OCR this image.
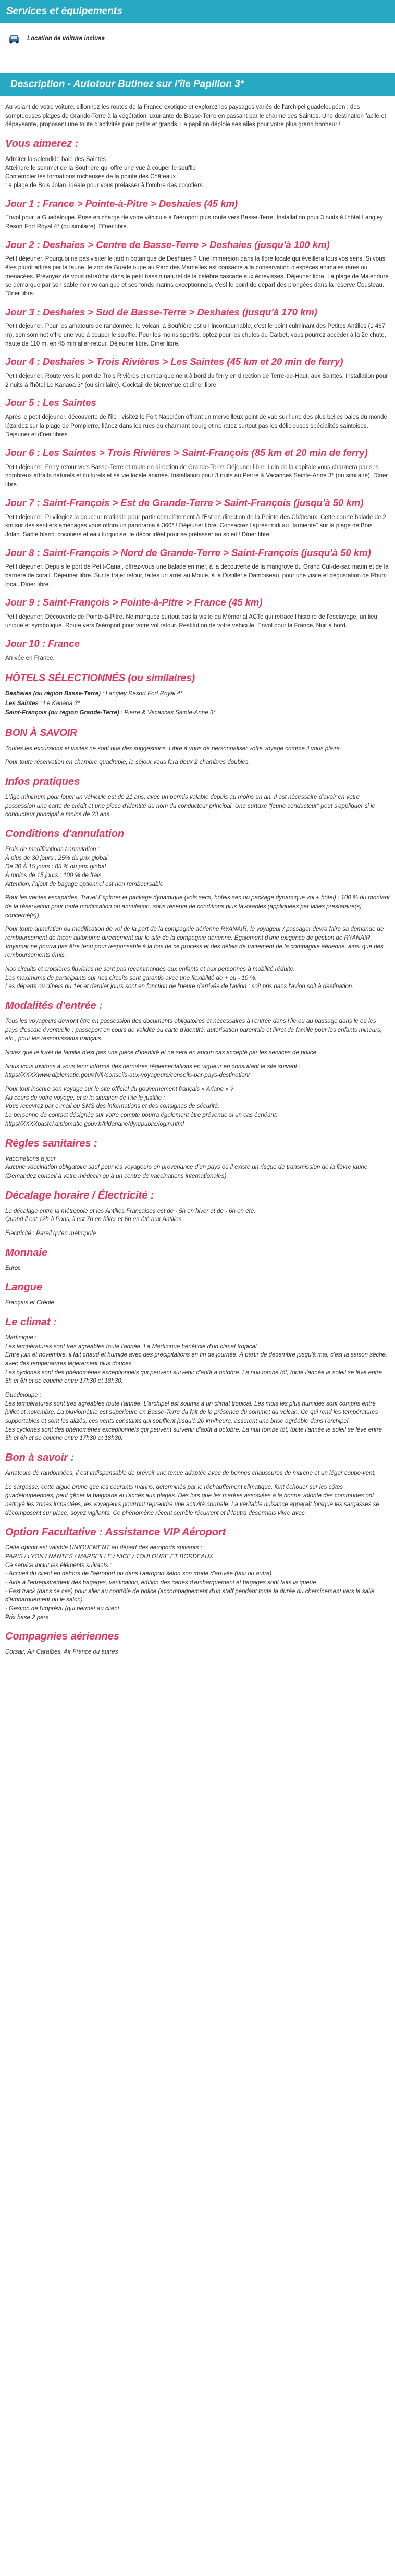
Services et équipements
Location de voiture incluse
Description - Autotour Butinez sur l'île Papillon 3*

Au volant de votre voiture, sillonnez les routes de la France exotique et explorez les paysages variés de l'archipel guadeloupéen : des somptueuses plages de Grande-Terre à la végétation luxuriante de Basse-Terre en passant par le charme des Saintes. Une destination facile et dépaysante, proposant une toute d'activités pour petits et grands. Le papillon déploie ses ailes pour votre plus grand bonheur !

Vous aimerez :
Admirer la splendide baie des Saintes
Atteindre le sommet de la Soufrière qui offre une vue à couper le souffle
Contempler les formations rocheuses de la pointe des Châteaux
La plage de Bois Jolan, idéale pour vous prélasser à l'ombre des cocotiers
Jour 1 : France > Pointe-à-Pitre > Deshaies (45 km)

Envol pour la Guadeloupe. Prise en charge de votre véhicule à l'aéroport puis route vers Basse-Terre. Installation pour 3 nuits à l'hôtel Langley Resort Fort Royal 4* (ou similaire). Dîner libre.

Jour 2 : Deshaies > Centre de Basse-Terre > Deshaies (jusqu'à 100 km)

Petit déjeuner. Pourquoi ne pas visiter le jardin botanique de Deshaies ? Une immersion dans la flore locale qui éveillera tous vos sens. Si vous êtes plutôt attirés par la faune, le zoo de Guadeloupe au Parc des Mamelles est consacré à la conservation d'espèces animales rares ou menacées. Prévoyez de vous rafraîchir dans le petit bassin naturel de la célèbre cascade aux écrevisses. Déjeuner libre. La plage de Malendure se démarque par son sable noir volcanique et ses fonds marins exceptionnels, c'est le point de départ des plongées dans la réserve Cousteau. Dîner libre.

Jour 3 : Deshaies > Sud de Basse-Terre > Deshaies (jusqu'à 170 km)

Petit déjeuner. Pour les amateurs de randonnée, le volcan la Soufrière est un incontournable, c'est le point culminant des Petites Antilles (1 467 m), son sommet offre une vue à couper le souffle. Pour les moins sportifs, optez pour les chutes du Carbet, vous pourrez accéder à la 2e chute, haute de 110 m, en 45 min aller-retour. Déjeuner libre. Dîner libre.

Jour 4 : Deshaies > Trois Rivières > Les Saintes (45 km et 20 min de ferry)

Petit déjeuner. Route vers le port de Trois Rivières et embarquement à bord du ferry en direction de Terre-de-Haut, aux Saintes. Installation pour 2 nuits à l'hôtel Le Kanaoa 3* (ou similaire). Cocktail de bienvenue et dîner libre.

Jour 5 : Les Saintes

Après le petit déjeuner, découverte de l'île : visitez le Fort Napoléon offrant un merveilleux point de vue sur l'une des plus belles baies du monde, lézardez sur la plage de Pompierre, flânez dans les rues du charmant bourg et ne ratez surtout pas les délicieuses spécialités saintoises. Déjeuner et dîner libres.

Jour 6 : Les Saintes > Trois Rivières > Saint-François (85 km et 20 min de ferry)

Petit déjeuner. Ferry retour vers Basse-Terre et route en direction de Grande-Terre. Déjeuner libre. Loin de la capitale vous charmera par ses nombreux attraits naturels et culturels et sa vie locale animée. Installation pour 3 nuits au Pierre & Vacances Sainte-Anne 3* (ou similaire). Dîner libre.

Jour 7 : Saint-François > Est de Grande-Terre > Saint-François (jusqu'à 50 km)

Petit déjeuner. Privilégiez la douceur matinale pour partir complètement à l'Est en direction de la Pointe des Châteaux. Cette courte balade de 2 km sur des sentiers aménagés vous offrira un panorama à 360° ! Déjeuner libre. Consacrez l'après-midi au "farniente" sur la plage de Bois Jolan. Sable blanc, cocotiers et eau turquoise, le décor idéal pour se prélasser au soleil ! Dîner libre.

Jour 8 : Saint-François > Nord de Grande-Terre > Saint-François (jusqu'à 50 km)

Petit déjeuner. Depuis le port de Petit-Canal, offrez-vous une balade en mer, à la découverte de la mangrove du Grand Cul-de-sac marin et de la barrière de corail. Déjeuner libre. Sur le trajet retour, faites un arrêt au Moule, à la Distillerie Damoiseau, pour une visite et dégustation de Rhum local. Dîner libre.

Jour 9 : Saint-François > Pointe-à-Pitre > France (45 km)

Petit déjeuner. Découverte de Pointe-à-Pitre. Ne manquez surtout pas la visite du Mémorial ACTe qui retrace l'histoire de l'esclavage, un lieu unique et symbolique. Route vers l'aéroport pour votre vol retour. Restitution de votre véhicule. Envol pour la France. Nuit à bord.

Jour 10 : France

Arrivée en France.

HÔTELS SÉLECTIONNÉS (ou similaires)
Deshaies (ou région Basse-Terre) : Langley Resort Fort Royal 4*
Les Saintes : Le Kanaoa 3*
Saint-François (ou région Grande-Terre) : Pierre & Vacances Sainte-Anne 3*
BON À SAVOIR

Toutes les excursions et visites ne sont que des suggestions. Libre à vous de personnaliser votre voyage comme il vous plaira.

Pour toute réservation en chambre quadruple, le séjour vous fera deux 2 chambres doubles.

Infos pratiques

L'âge minimum pour louer un véhicule est de 21 ans, avec un permis valable depuis au moins un an. Il est nécessaire d'avoir en votre possession une carte de crédit et une pièce d'identité au nom du conducteur principal. Une surtaxe "jeune conducteur" peut s'appliquer si le conducteur principal a moins de 23 ans.

Conditions d'annulation
Frais de modifications / annulation :
À plus de 30 jours : 25% du prix global
De 30 À 15 jours : 85 % du prix global
À moins de 15 jours : 100 % de frais
Attention, l'ajout de bagage optionnel est non remboursable.

Pour les ventes escapades, Travel Explorer et package dynamique (vols secs, hôtels sec ou package dynamique vol + hôtel) : 100 % du montant de la réservation pour toute modification ou annulation, sous réserve de conditions plus favorables (appliquées par la/les prestataire(s) concerné(s)).

Pour toute annulation ou modification de vol de la part de la compagnie aérienne RYANAIR, le voyageur / passager devra faire sa demande de remboursement de façon autonome directement sur le site de la compagnie aérienne. Également d'une exigence de gestion de RYANAIR, Voyamar ne pourra pas être tenu pour responsable à la fois de ce process et des délais de traitement de la compagnie aérienne, ainsi que des remboursements émis.

Nos circuits et croisières fluviales ne sont pas recommandés aux enfants et aux personnes à mobilité réduite.
Les maximums de participants sur nos circuits sont garantis avec une flexibilité de + ou - 10 %.
Les départs ou dîners du 1er et dernier jours sont en fonction de l'heure d'arrivée de l'avion ; soit pris dans l'avion soit à destination.

Modalités d'entrée :

Tous les voyageurs devront être en possession des documents obligatoires et nécessaires à l'entrée dans l'île ou au passage dans le ou les pays d'escale éventuelle : passeport en cours de validité ou carte d'identité, autorisation parentale et livret de famille pour les enfants mineurs, etc., pour les ressortissants français.

Notez que le livret de famille n'est pas une pièce d'identité et ne sera en aucun cas accepté par les services de police.

Nous vous invitons à vous tenir informé des dernières réglementations en vigueur en consultant le site suivant : https//XXXXwww.diplomatie.gouv.fr/fr/conseils-aux-voyageurs/conseils-par-pays-destination/

Pour tout inscrire son voyage sur le site officiel du gouvernement français « Ariane » ?
Au cours de votre voyage, et si la situation de l'île le justifie :
Vous recevrez par e-mail ou SMS des informations et des consignes de sécurité.
La personne de contact désignée sur votre compte pourra également être prévenue si un cas échéant.
https//XXXXpastel.diplomatie.gouv.fr/fildariane/dyn/public/login.html

Règles sanitaires :

Vaccinations à jour.
Aucune vaccination obligatoire sauf pour les voyageurs en provenance d'un pays où il existe un risque de transmission de la fièvre jaune (Demandez conseil à votre médecin ou à un centre de vaccinations internationales).

Décalage horaire / Électricité :

Le décalage entre la métropole et les Antilles Françaises est de - 5h en hiver et de - 6h en été.
Quand il est 12h à Paris, il est 7h en hiver et 6h en été aux Antilles.

Électricité : Pareil qu'en métropole

Monnaie

Euros

Langue

Français et Créole

Le climat :

Martinique :
Les températures sont très agréables toute l'année. La Martinique bénéficie d'un climat tropical.
Entre juin et novembre, il fait chaud et humide avec des précipitations en fin de journée. À partir de décembre jusqu'à mai, c'est la saison sèche, avec des températures légèrement plus douces.
Les cyclones sont des phénomènes exceptionnels qui peuvent survenir d'août à octobre. La nuit tombe tôt, toute l'année le soleil se lève entre 5h et 6h et se couche entre 17h30 et 18h30.

Guadeloupe :
Les températures sont très agréables toute l'année. L'archipel est soumis à un climat tropical. Les mois les plus humides sont compris entre juillet et novembre. La pluviométrie est supérieure en Basse-Terre du fait de la présence du sommet du volcan. Ce qui rend les températures supportables et sont les alizés, ces vents constants qui soufflent jusqu'à 20 km/heure, assurent une brise agréable dans l'archipel.
Les cyclones sont des phénomènes exceptionnels qui peuvent survenir d'août à octobre. La nuit tombe tôt, toute l'année le soleil se lève entre 5h et 6h et se couche entre 17h30 et 18h30.

Bon à savoir :

Amateurs de randonnées, il est indispensable de prévoir une tenue adaptée avec de bonnes chaussures de marche et un léger coupe-vent.

Le sargasse, cette algue brune que les courants marins, déterminés par le réchauffement climatique, font échouer sur les côtes guadeloupéennes, peut gêner la baignade et l'accès aux plages. Dès lors que les marées associées à la bonne volonté des communes ont nettoyé les zones impactées, les voyageurs pourront reprendre une activité normale. La véritable nuisance apparaît lorsque les sargasses se décomposent sur place, soyez vigilants. Ce phénomène récent semble récurrent et il fautra désormais vivre avec.

Option Facultative : Assistance VIP Aéroport

Cette option est valable UNIQUEMENT au départ des aéroports suivants :
PARIS / LYON / NANTES / MARSEILLE / NICE / TOULOUSE ET BORDEAUX
Ce service inclut les éléments suivants :
- Accueil du client en dehors de l'aéroport ou dans l'aéroport selon son mode d'arrivée (taxi ou autre)
- Aide à l'enregistrement des bagages, vérification, édition des cartes d'embarquement et bagages sont faits la queue
- Fast track (dans ce cas) pour aller au contrôle de police (accompagnement d'un staff pendant toute la durée du cheminement vers la salle d'embarquement ou le salon)
- Gestion de l'imprévu (qui permet au client
Prix base 2 pers

Compagnies aériennes

Corsair, Air Caraïbes, Air France ou autres
